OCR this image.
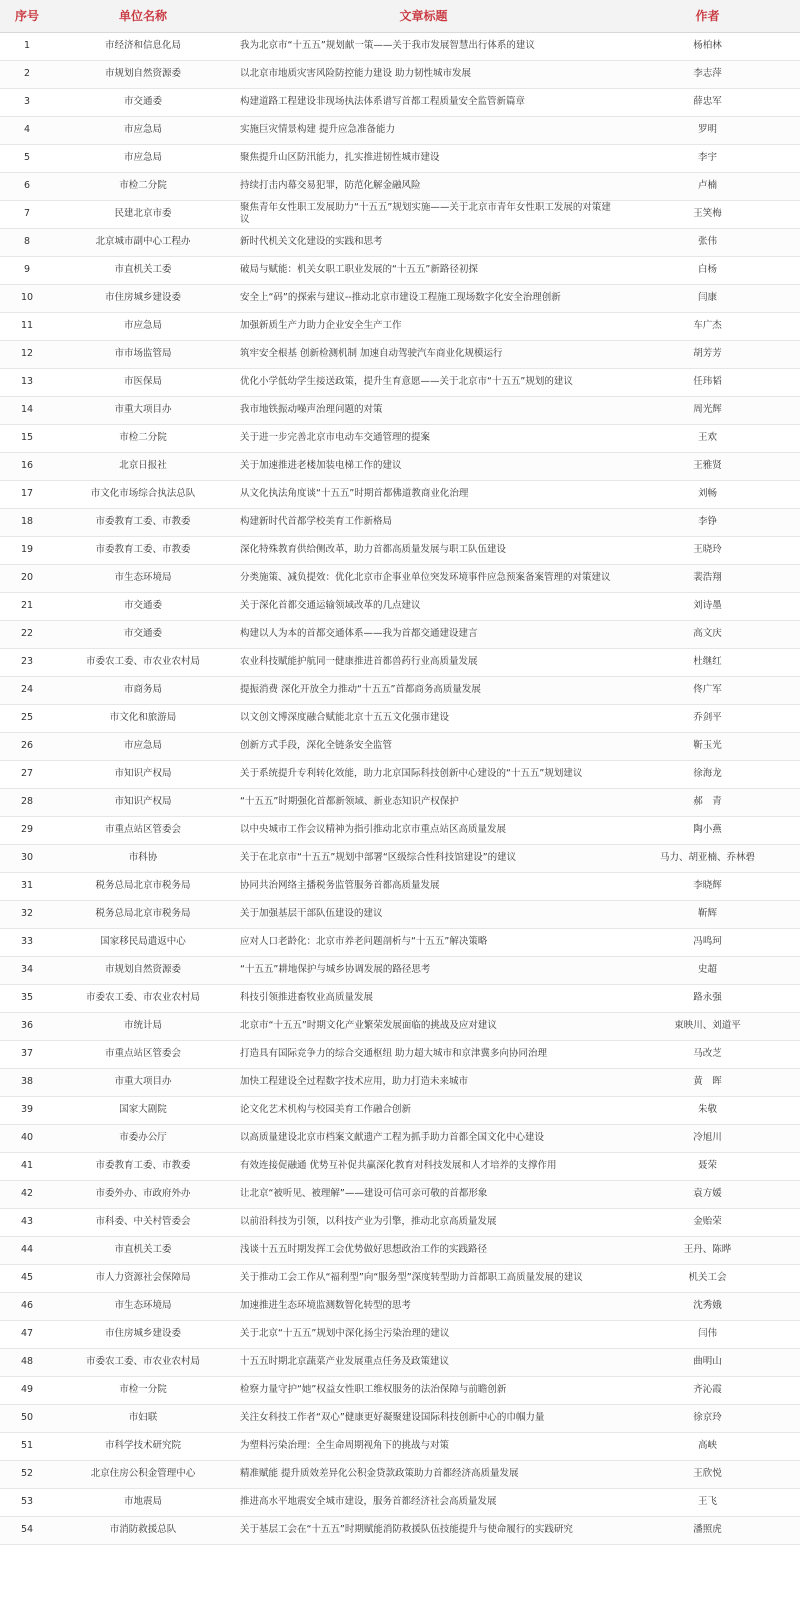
序号	单位名称	文章标题	作者
1	市经济和信息化局	我为北京市“十五五”规划献一策——关于我市发展智慧出行体系的建议	杨柏林
2	市规划自然资源委	以北京市地质灾害风险防控能力建设 助力韧性城市发展	李志萍
3	市交通委	构建道路工程建设非现场执法体系谱写首都工程质量安全监管新篇章	薛忠军
4	市应急局	实施巨灾情景构建 提升应急准备能力	罗明
5	市应急局	聚焦提升山区防汛能力，扎实推进韧性城市建设	李宇
6	市检二分院	持续打击内幕交易犯罪，防范化解金融风险	卢楠
7	民建北京市委	聚焦青年女性职工发展助力“十五五”规划实施——关于北京市青年女性职工发展的对策建议	王笑梅
8	北京城市副中心工程办	新时代机关文化建设的实践和思考	张伟
9	市直机关工委	破局与赋能：机关女职工职业发展的“十五五”新路径初探	白杨
10	市住房城乡建设委	安全上“码”的探索与建议--推动北京市建设工程施工现场数字化安全治理创新	闫康
11	市应急局	加强新质生产力助力企业安全生产工作	车广杰
12	市市场监管局	筑牢安全根基 创新检测机制 加速自动驾驶汽车商业化规模运行	胡芳芳
13	市医保局	优化小学低幼学生接送政策，提升生育意愿——关于北京市“十五五”规划的建议	任玮韬
14	市重大项目办	我市地铁振动噪声治理问题的对策	周光辉
15	市检二分院	关于进一步完善北京市电动车交通管理的提案	王欢
16	北京日报社	关于加速推进老楼加装电梯工作的建议	王雅贤
17	市文化市场综合执法总队	从文化执法角度谈“十五五”时期首都佛道教商业化治理	刘畅
18	市委教育工委、市教委	构建新时代首都学校美育工作新格局	李铮
19	市委教育工委、市教委	深化特殊教育供给侧改革，助力首都高质量发展与职工队伍建设	王晓玲
20	市生态环境局	分类施策、减负提效：优化北京市企事业单位突发环境事件应急预案备案管理的对策建议	裴浩翔
21	市交通委	关于深化首都交通运输领域改革的几点建议	刘诗墨
22	市交通委	构建以人为本的首都交通体系——我为首都交通建设建言	高文庆
23	市委农工委、市农业农村局	农业科技赋能护航同一健康推进首都兽药行业高质量发展	杜继红
24	市商务局	提振消费 深化开放全力推动“十五五”首都商务高质量发展	佟广军
25	市文化和旅游局	以文创文博深度融合赋能北京十五五文化强市建设	乔剑平
26	市应急局	创新方式手段，深化全链条安全监管	靳玉光
27	市知识产权局	关于系统提升专利转化效能，助力北京国际科技创新中心建设的“十五五”规划建议	徐海龙
28	市知识产权局	“十五五”时期强化首都新领域、新业态知识产权保护	郝　青
29	市重点站区管委会	以中央城市工作会议精神为指引推动北京市重点站区高质量发展	陶小燕
30	市科协	关于在北京市“十五五”规划中部署“区级综合性科技馆建设”的建议	马力、胡亚楠、乔林碧
31	税务总局北京市税务局	协同共治网络主播税务监管服务首都高质量发展	李晓辉
32	税务总局北京市税务局	关于加强基层干部队伍建设的建议	靳辉
33	国家移民局遣返中心	应对人口老龄化：北京市养老问题剖析与“十五五”解决策略	冯鸣珂
34	市规划自然资源委	“十五五”耕地保护与城乡协调发展的路径思考	史超
35	市委农工委、市农业农村局	科技引领推进畜牧业高质量发展	路永强
36	市统计局	北京市“十五五”时期文化产业繁荣发展面临的挑战及应对建议	束映川、刘道平
37	市重点站区管委会	打造具有国际竞争力的综合交通枢纽 助力超大城市和京津冀多向协同治理	马改芝
38	市重大项目办	加快工程建设全过程数字技术应用，助力打造未来城市	黄　晖
39	国家大剧院	论文化艺术机构与校园美育工作融合创新	朱敬
40	市委办公厅	以高质量建设北京市档案文献遗产工程为抓手助力首都全国文化中心建设	冷旭川
41	市委教育工委、市教委	有效连接促融通 优势互补促共赢深化教育对科技发展和人才培养的支撑作用	聂荣
42	市委外办、市政府外办	让北京“被听见、被理解”——建设可信可亲可敬的首都形象	袁方媛
43	市科委、中关村管委会	以前沿科技为引领，以科技产业为引擎，推动北京高质量发展	金贻荣
44	市直机关工委	浅谈十五五时期发挥工会优势做好思想政治工作的实践路径	王丹、陈晔
45	市人力资源社会保障局	关于推动工会工作从“福利型”向“服务型”深度转型助力首都职工高质量发展的建议	机关工会
46	市生态环境局	加速推进生态环境监测数智化转型的思考	沈秀娥
47	市住房城乡建设委	关于北京“十五五”规划中深化扬尘污染治理的建议	闫伟
48	市委农工委、市农业农村局	十五五时期北京蔬菜产业发展重点任务及政策建议	曲明山
49	市检一分院	检察力量守护“她”权益女性职工维权服务的法治保障与前瞻创新	齐沁霞
50	市妇联	关注女科技工作者“双心”健康更好凝聚建设国际科技创新中心的巾帼力量	徐京玲
51	市科学技术研究院	为塑料污染治理：全生命周期视角下的挑战与对策	高峡
52	北京住房公积金管理中心	精准赋能 提升质效差异化公积金贷款政策助力首都经济高质量发展	王欣悦
53	市地震局	推进高水平地震安全城市建设，服务首都经济社会高质量发展	王飞
54	市消防救援总队	关于基层工会在“十五五”时期赋能消防救援队伍技能提升与使命履行的实践研究	潘照虎
